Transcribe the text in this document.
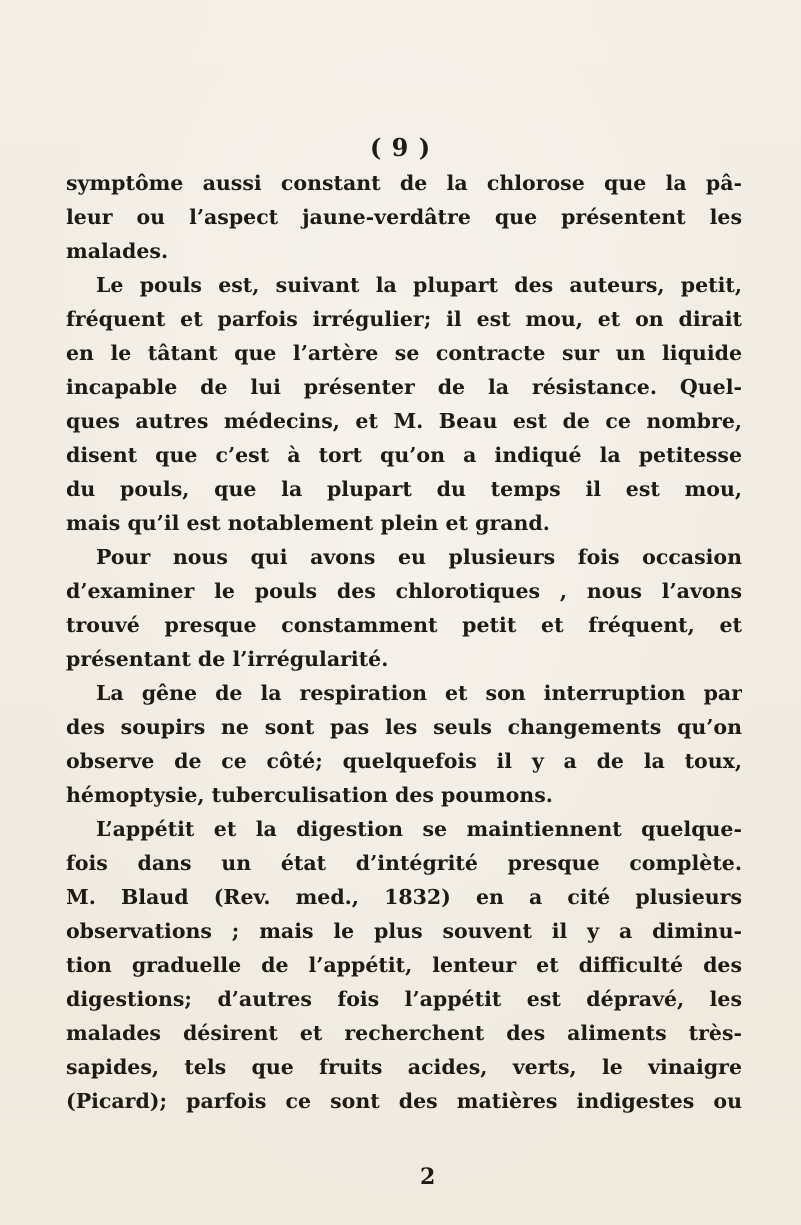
( 9 )
symptôme aussi constant de la chlorose que la pâ-
leur ou l’aspect jaune-verdâtre que présentent les
malades.
Le pouls est, suivant la plupart des auteurs, petit,
fréquent et parfois irrégulier; il est mou, et on dirait
en le tâtant que l’artère se contracte sur un liquide
incapable de lui présenter de la résistance. Quel-
ques autres médecins, et M. Beau est de ce nombre,
disent que c’est à tort qu’on a indiqué la petitesse
du pouls, que la plupart du temps il est mou,
mais qu’il est notablement plein et grand.
Pour nous qui avons eu plusieurs fois occasion
d’examiner le pouls des chlorotiques , nous l’avons
trouvé presque constamment petit et fréquent, et
présentant de l’irrégularité.
La gêne de la respiration et son interruption par
des soupirs ne sont pas les seuls changements qu’on
observe de ce côté; quelquefois il y a de la toux,
hémoptysie, tuberculisation des poumons.
L’appétit et la digestion se maintiennent quelque-
fois dans un état d’intégrité presque complète.
M. Blaud (Rev. med., 1832) en a cité plusieurs
observations ; mais le plus souvent il y a diminu-
tion graduelle de l’appétit, lenteur et difficulté des
digestions; d’autres fois l’appétit est dépravé, les
malades désirent et recherchent des aliments très-
sapides, tels que fruits acides, verts, le vinaigre
(Picard); parfois ce sont des matières indigestes ou
2
